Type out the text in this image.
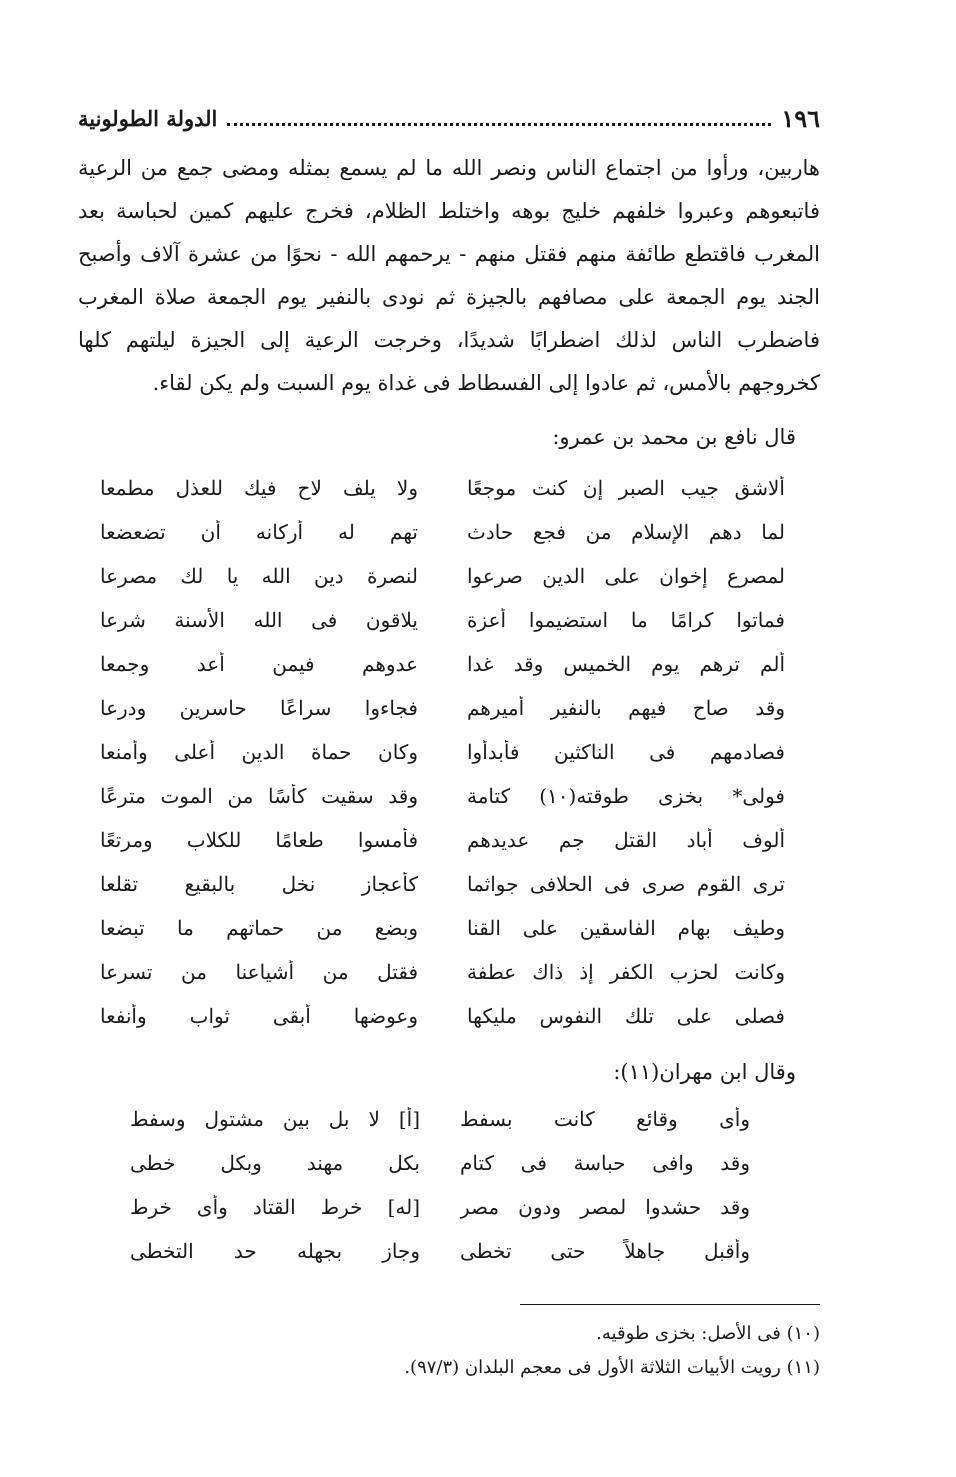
١٩٦
الدولة الطولونية
هاربين، ورأوا من اجتماع الناس ونصر الله ما لم يسمع بمثله ومضى جمع من الرعية
فاتبعوهم وعبروا خلفهم خليج بوهه واختلط الظلام، فخرج عليهم كمين لحباسة بعد
المغرب فاقتطع طائفة منهم فقتل منهم - يرحمهم الله - نحوًا من عشرة آلاف وأصبح
الجند يوم الجمعة على مصافهم بالجيزة ثم نودى بالنفير يوم الجمعة صلاة المغرب
فاضطرب الناس لذلك اضطرابًا شديدًا، وخرجت الرعية إلى الجيزة ليلتهم كلها
كخروجهم بالأمس، ثم عادوا إلى الفسطاط فى غداة يوم السبت ولم يكن لقاء.
قال نافع بن محمد بن عمرو:
ألاشق جيب الصبر إن كنت موجعًا
ولا يلف لاح فيك للعذل مطمعا
لما دهم الإسلام من فجع حادث
تهم له أركانه أن تضعضعا
لمصرع إخوان على الدين صرعوا
لنصرة دين الله يا لك مصرعا
فماتوا كرامًا ما استضيموا أعزة
يلاقون فى الله الأسنة شرعا
ألم ترهم يوم الخميس وقد غدا
عدوهم فيمن أعد وجمعا
وقد صاح فيهم بالنفير أميرهم
فجاءوا سراعًا حاسرين ودرعا
فصادمهم فى الناكثين فأبدأوا
وكان حماة الدين أعلى وأمنعا
فولى* بخزى طوقته(١٠) كتامة
وقد سقيت كأسًا من الموت مترعًا
ألوف أباد القتل جم عديدهم
فأمسوا طعامًا للكلاب ومرتعًا
ترى القوم صرى فى الحلافى جواثما
كأعجاز نخل بالبقيع تقلعا
وطيف بهام الفاسقين على القنا
وبضع من حماتهم ما تبضعا
وكانت لحزب الكفر إذ ذاك عطفة
فقتل من أشياعنا من تسرعا
فصلى على تلك النفوس مليكها
وعوضها أبقى ثواب وأنفعا
وقال ابن مهران(١١):
وأى وقائع كانت بسفط
[أ] لا بل بين مشتول وسفط
وقد وافى حباسة فى كتام
بكل مهند وبكل خطى
وقد حشدوا لمصر ودون مصر
[له] خرط القتاد وأى خرط
وأقبل جاهلاً حتى تخطى
وجاز بجهله حد التخطى
(١٠) فى الأصل: بخزى طوقيه.
(١١) رويت الأبيات الثلاثة الأول فى معجم البلدان (٩٧/٣).
